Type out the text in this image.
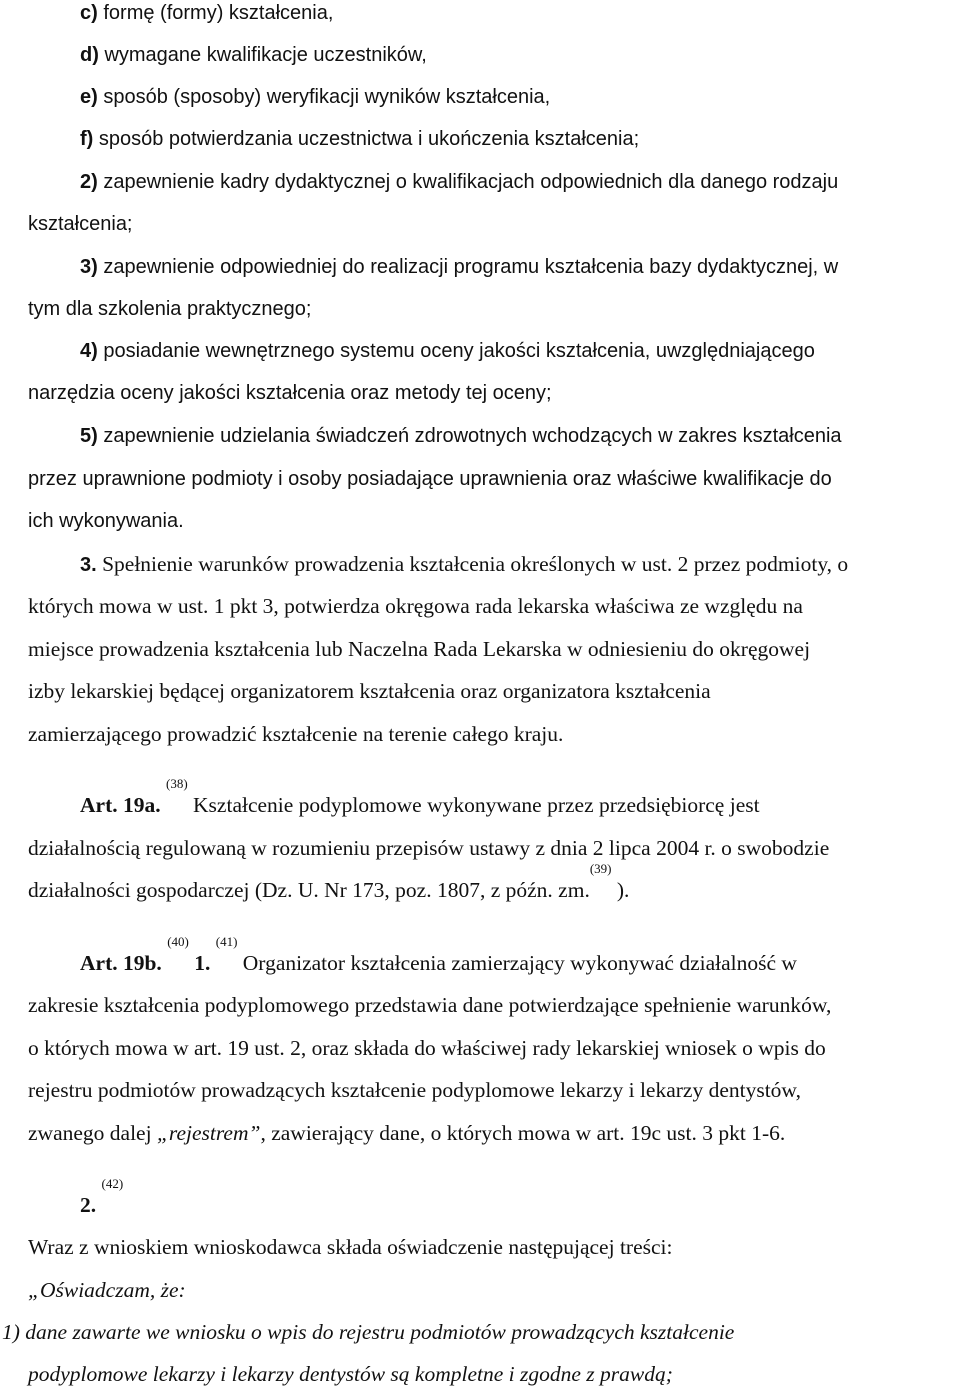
c) formę (formy) kształcenia,
d) wymagane kwalifikacje uczestników,
e) sposób (sposoby) weryfikacji wyników kształcenia,
f) sposób potwierdzania uczestnictwa i ukończenia kształcenia;
2) zapewnienie kadry dydaktycznej o kwalifikacjach odpowiednich dla danego rodzaju
kształcenia;
3) zapewnienie odpowiedniej do realizacji programu kształcenia bazy dydaktycznej, w
tym dla szkolenia praktycznego;
4) posiadanie wewnętrznego systemu oceny jakości kształcenia, uwzględniającego
narzędzia oceny jakości kształcenia oraz metody tej oceny;
5) zapewnienie udzielania świadczeń zdrowotnych wchodzących w zakres kształcenia
przez uprawnione podmioty i osoby posiadające uprawnienia oraz właściwe kwalifikacje do
ich wykonywania.
3. Spełnienie warunków prowadzenia kształcenia określonych w ust. 2 przez podmioty, o
których mowa w ust. 1 pkt 3, potwierdza okręgowa rada lekarska właściwa ze względu na
miejsce prowadzenia kształcenia lub Naczelna Rada Lekarska w odniesieniu do okręgowej
izby lekarskiej będącej organizatorem kształcenia oraz organizatora kształcenia
zamierzającego prowadzić kształcenie na terenie całego kraju.
Art. 19a. $^{(38)}$ Kształcenie podyplomowe wykonywane przez przedsiębiorcę jest
działalnością regulowaną w rozumieniu przepisów ustawy z dnia 2 lipca 2004 r. o swobodzie
działalności gospodarczej (Dz. U. Nr 173, poz. 1807, z późn. zm.$^{(39)}$ ).
Art. 19b. $^{(40)}$ 1. $^{(41)}$ Organizator kształcenia zamierzający wykonywać działalność w
zakresie kształcenia podyplomowego przedstawia dane potwierdzające spełnienie warunków,
o których mowa w art. 19 ust. 2, oraz składa do właściwej rady lekarskiej wniosek o wpis do
rejestru podmiotów prowadzących kształcenie podyplomowe lekarzy i lekarzy dentystów,
zwanego dalej „rejestrem”, zawierający dane, o których mowa w art. 19c ust. 3 pkt 1-6.
2. $^{(42)}$
Wraz z wnioskiem wnioskodawca składa oświadczenie następującej treści:
„Oświadczam, że:
1) dane zawarte we wniosku o wpis do rejestru podmiotów prowadzących kształcenie
podyplomowe lekarzy i lekarzy dentystów są kompletne i zgodne z prawdą;
